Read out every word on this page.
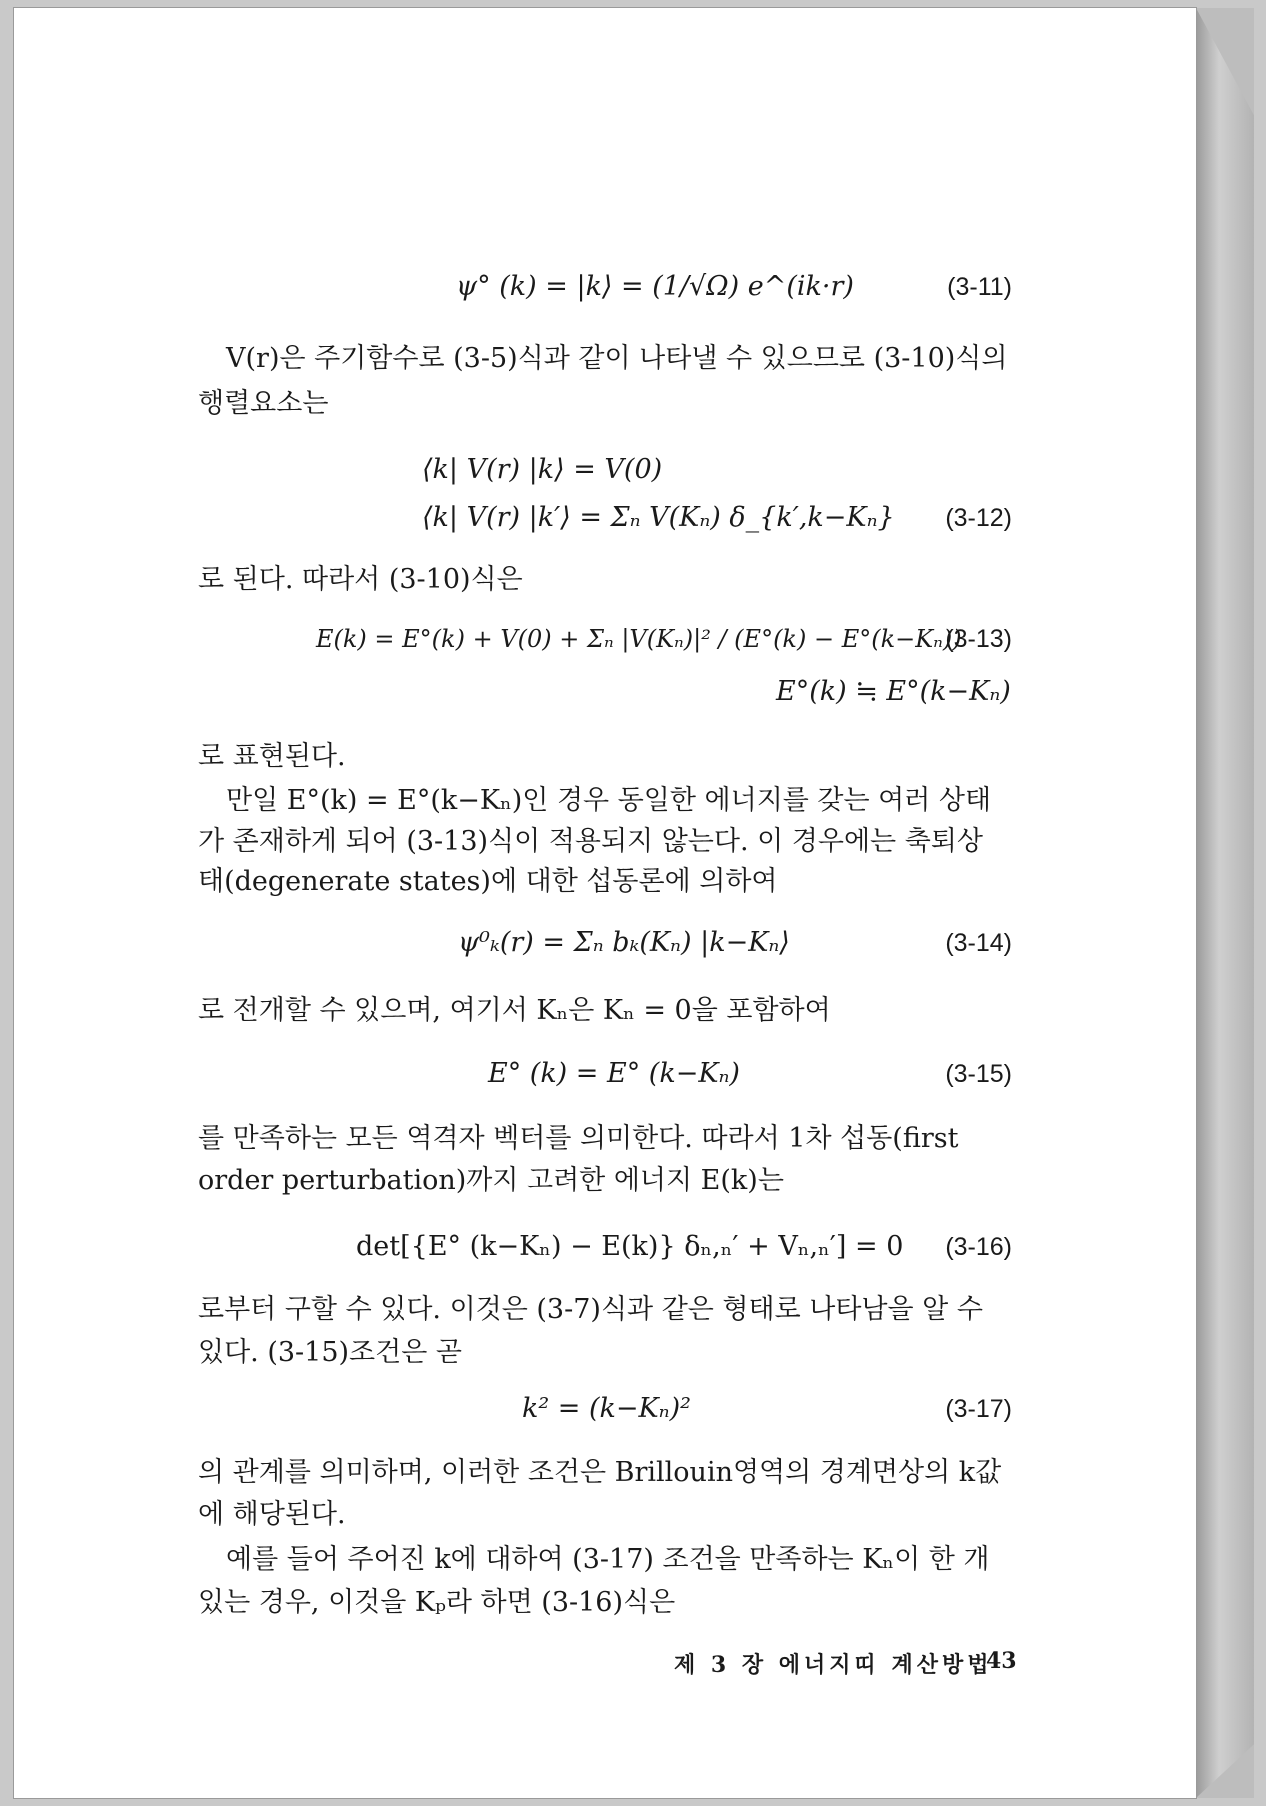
ψ° (k) = |k⟩ = (1/√Ω) e^(ik·r)	(3-11)
V(r)은 주기함수로 (3-5)식과 같이 나타낼 수 있으므로 (3-10)식의
행렬요소는
⟨k| V(r) |k⟩ = V(0)
⟨k| V(r) |k′⟩ = Σₙ V(Kₙ) δ_{k′,k−Kₙ} (3-12)
로 된다. 따라서 (3-10)식은
E(k) = E°(k) + V(0) + Σₙ |V(Kₙ)|² / (E°(k) − E°(k−Kₙ))
(3-13)
E°(k) ≒ E°(k−Kₙ)
로 표현된다.
만일 E°(k) = E°(k−Kₙ)인 경우 동일한 에너지를 갖는 여러 상태
가 존재하게 되어 (3-13)식이 적용되지 않는다. 이 경우에는 축퇴상
태(degenerate states)에 대한 섭동론에 의하여
ψ⁰ₖ(r) = Σₙ bₖ(Kₙ) |k−Kₙ⟩	(3-14)
로 전개할 수 있으며, 여기서 Kₙ은 Kₙ = 0을 포함하여
E° (k) = E° (k−Kₙ)	(3-15)
를 만족하는 모든 역격자 벡터를 의미한다. 따라서 1차 섭동(first
order perturbation)까지 고려한 에너지 E(k)는
det[{E° (k−Kₙ) − E(k)} δₙ,ₙ′ + Vₙ,ₙ′] = 0 (3-16)
로부터 구할 수 있다. 이것은 (3-7)식과 같은 형태로 나타남을 알 수
있다. (3-15)조건은 곧
k² = (k−Kₙ)²	(3-17)
의 관계를 의미하며, 이러한 조건은 Brillouin영역의 경계면상의 k값
에 해당된다.
예를 들어 주어진 k에 대하여 (3-17) 조건을 만족하는 Kₙ이 한 개
있는 경우, 이것을 Kₚ라 하면 (3-16)식은
제 3 장 에너지띠 계산방법
43
